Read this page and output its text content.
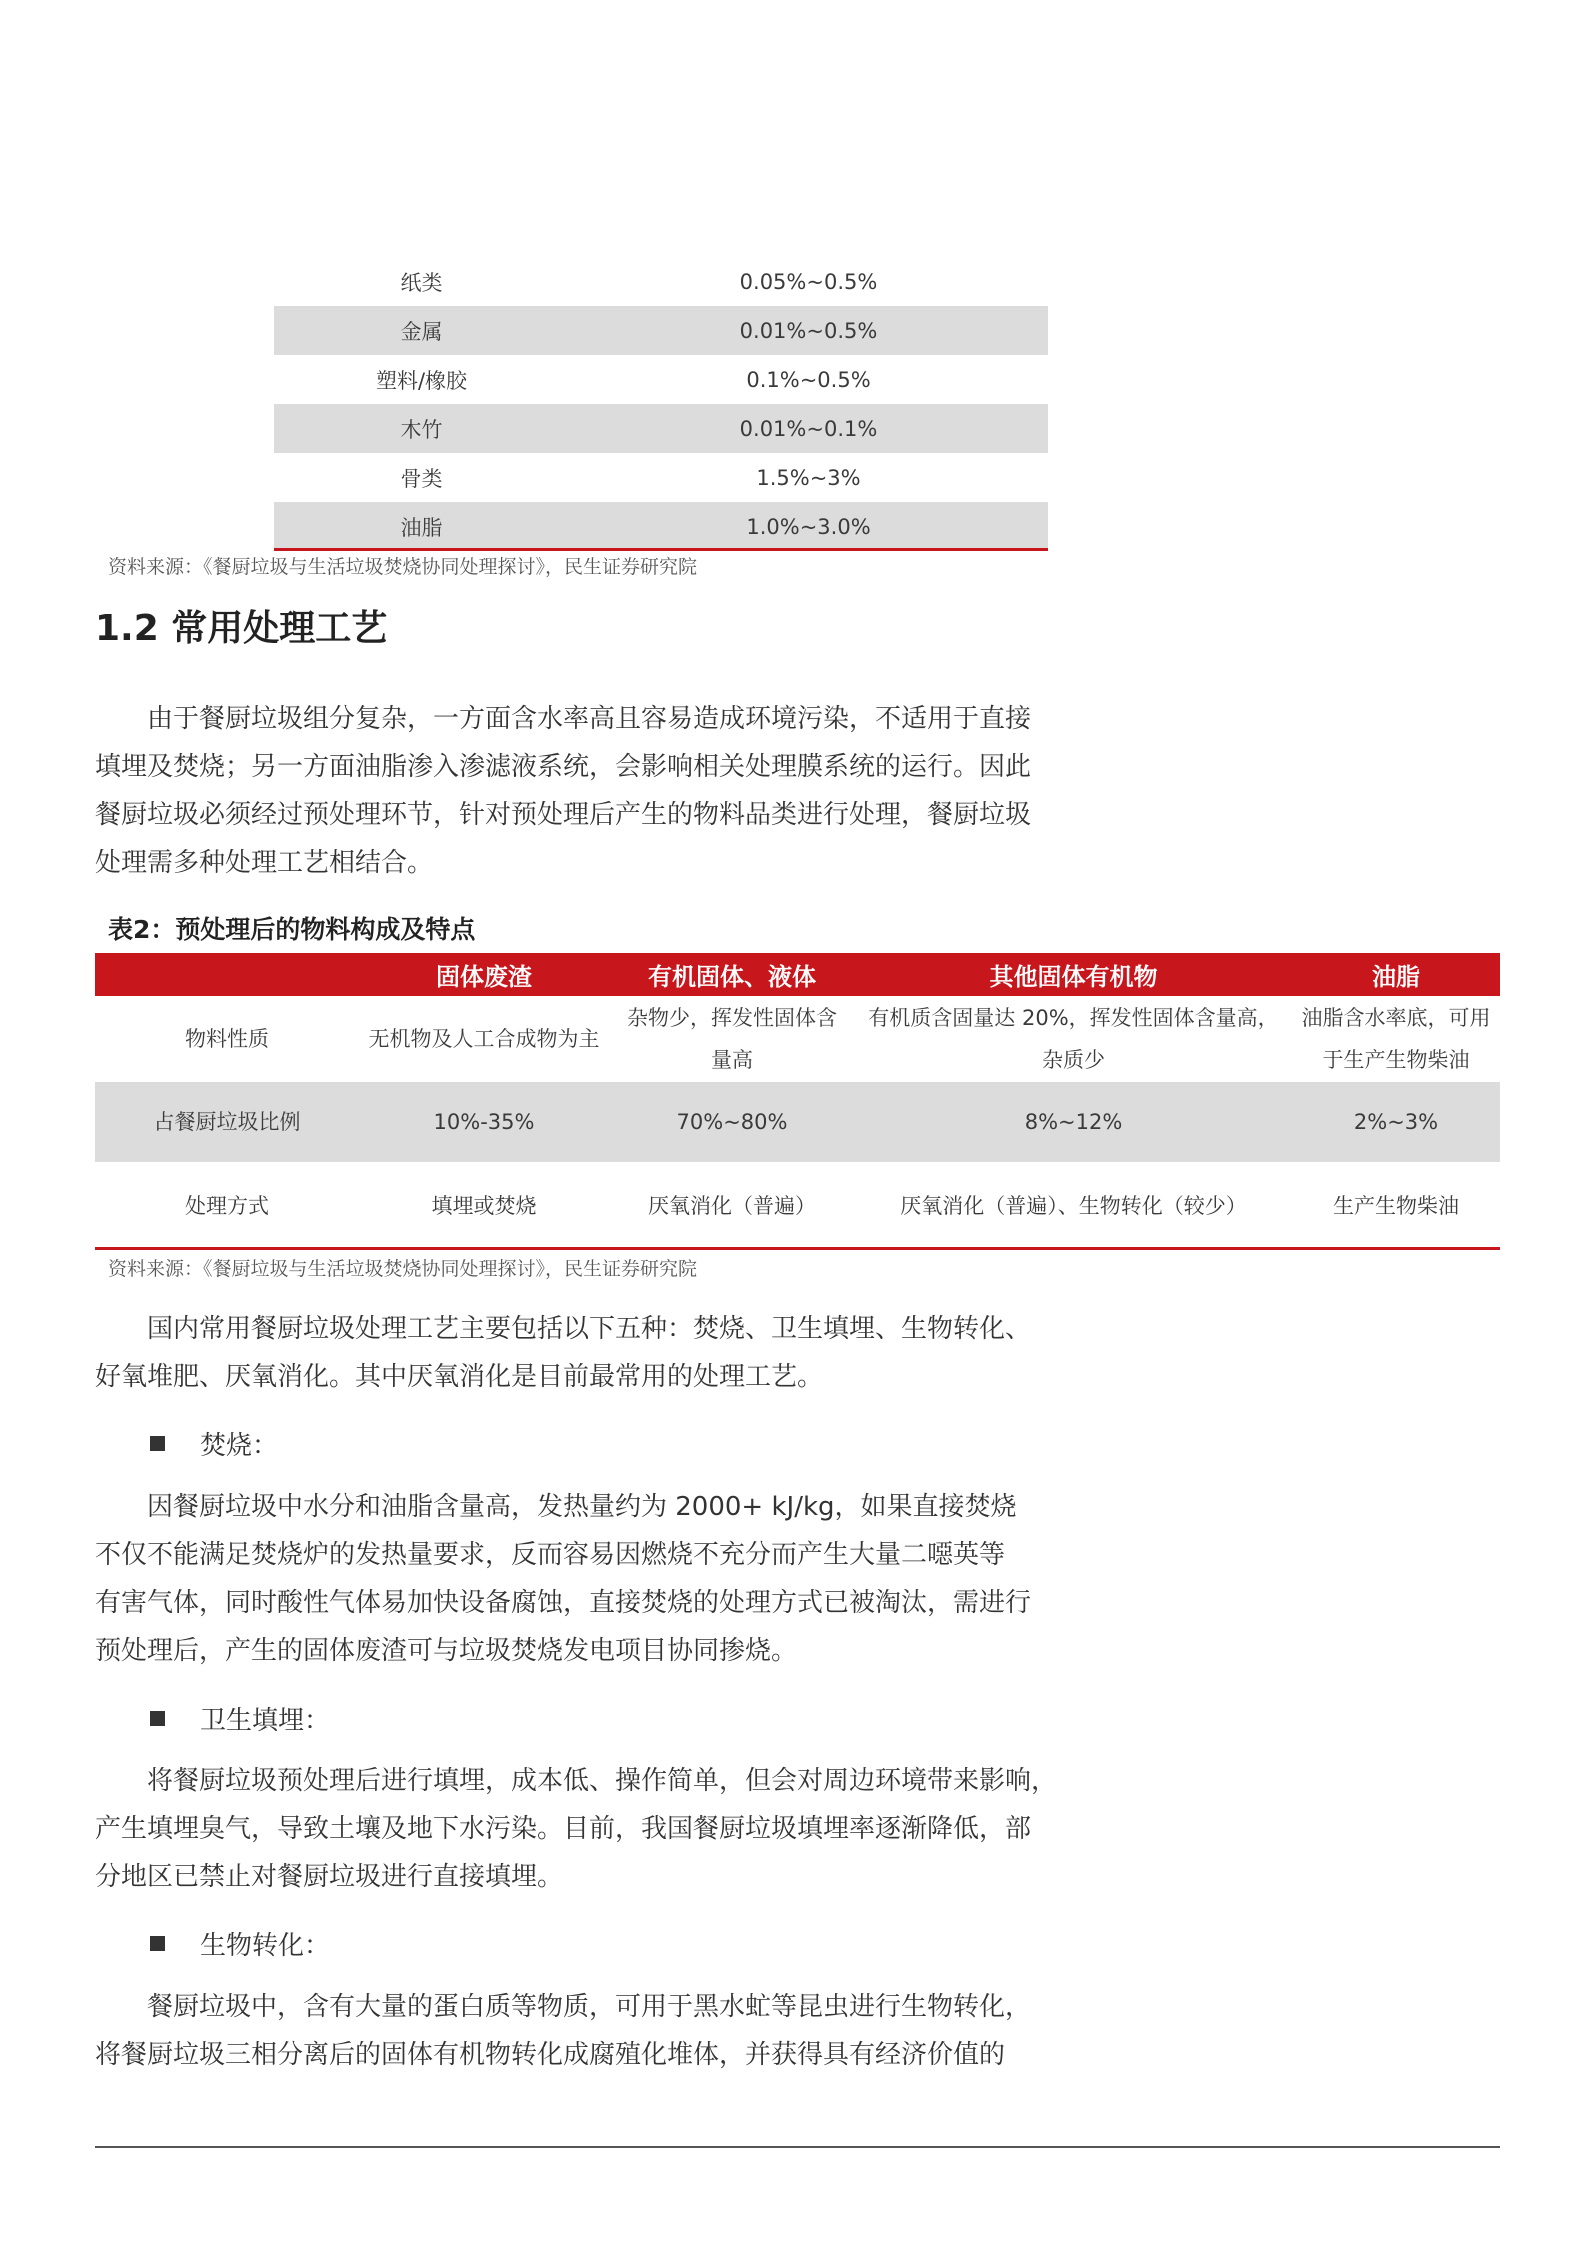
纸类	0.05%~0.5%
金属	0.01%~0.5%
塑料/橡胶	0.1%~0.5%
木竹	0.01%~0.1%
骨类	1.5%~3%
油脂	1.0%~3.0%
资料来源：《餐厨垃圾与生活垃圾焚烧协同处理探讨》，民生证券研究院
1.2 常用处理工艺
由于餐厨垃圾组分复杂，一方面含水率高且容易造成环境污染，不适用于直接
填埋及焚烧；另一方面油脂渗入渗滤液系统，会影响相关处理膜系统的运行。因此
餐厨垃圾必须经过预处理环节，针对预处理后产生的物料品类进行处理，餐厨垃圾
处理需多种处理工艺相结合。
表2：预处理后的物料构成及特点
	固体废渣	有机固体、液体	其他固体有机物	油脂
物料性质	无机物及人工合成物为主	杂物少，挥发性固体含量高	有机质含固量达 20%，挥发性固体含量高，杂质少	油脂含水率底，可用于生产生物柴油
占餐厨垃圾比例	10%-35%	70%~80%	8%~12%	2%~3%
处理方式	填埋或焚烧	厌氧消化（普遍）	厌氧消化（普遍）、生物转化（较少）	生产生物柴油
资料来源：《餐厨垃圾与生活垃圾焚烧协同处理探讨》，民生证券研究院
国内常用餐厨垃圾处理工艺主要包括以下五种：焚烧、卫生填埋、生物转化、
好氧堆肥、厌氧消化。其中厌氧消化是目前最常用的处理工艺。
焚烧：
因餐厨垃圾中水分和油脂含量高，发热量约为 2000+ kJ/kg，如果直接焚烧
不仅不能满足焚烧炉的发热量要求，反而容易因燃烧不充分而产生大量二噁英等
有害气体，同时酸性气体易加快设备腐蚀，直接焚烧的处理方式已被淘汰，需进行
预处理后，产生的固体废渣可与垃圾焚烧发电项目协同掺烧。
卫生填埋：
将餐厨垃圾预处理后进行填埋，成本低、操作简单，但会对周边环境带来影响，
产生填埋臭气，导致土壤及地下水污染。目前，我国餐厨垃圾填埋率逐渐降低，部
分地区已禁止对餐厨垃圾进行直接填埋。
生物转化：
餐厨垃圾中，含有大量的蛋白质等物质，可用于黑水虻等昆虫进行生物转化，
将餐厨垃圾三相分离后的固体有机物转化成腐殖化堆体，并获得具有经济价值的
